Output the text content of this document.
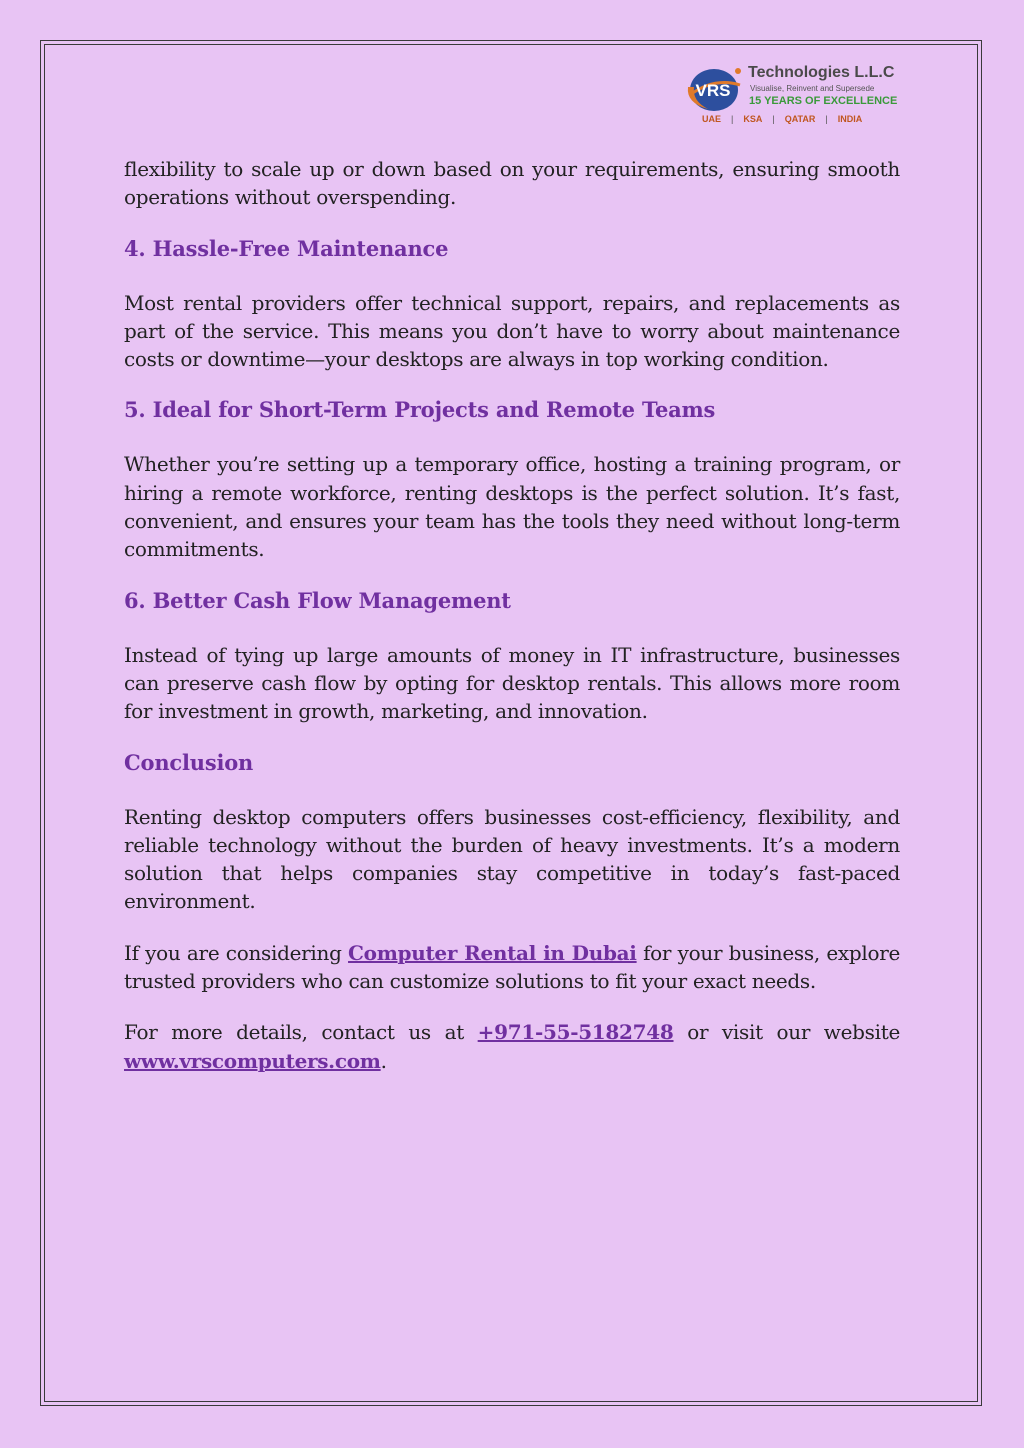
VRS
Technologies L.L.C
Visualise, Reinvent and Supersede
15 YEARS OF EXCELLENCE
UAE | KSA | QATAR | INDIA

flexibility to scale up or down based on your requirements, ensuring smooth operations without overspending.

4. Hassle-Free Maintenance

Most rental providers offer technical support, repairs, and replacements as part of the service. This means you don’t have to worry about maintenance costs or downtime—your desktops are always in top working condition.

5. Ideal for Short-Term Projects and Remote Teams

Whether you’re setting up a temporary office, hosting a training program, or hiring a remote workforce, renting desktops is the perfect solution. It’s fast, convenient, and ensures your team has the tools they need without long-term commitments.

6. Better Cash Flow Management

Instead of tying up large amounts of money in IT infrastructure, businesses can preserve cash flow by opting for desktop rentals. This allows more room for investment in growth, marketing, and innovation.

Conclusion

Renting desktop computers offers businesses cost-efficiency, flexibility, and reliable technology without the burden of heavy investments. It’s a modern solution that helps companies stay competitive in today’s fast-paced environment.

If you are considering Computer Rental in Dubai for your business, explore trusted providers who can customize solutions to fit your exact needs.

For more details, contact us at +971-55-5182748 or visit our website www.vrscomputers.com.
